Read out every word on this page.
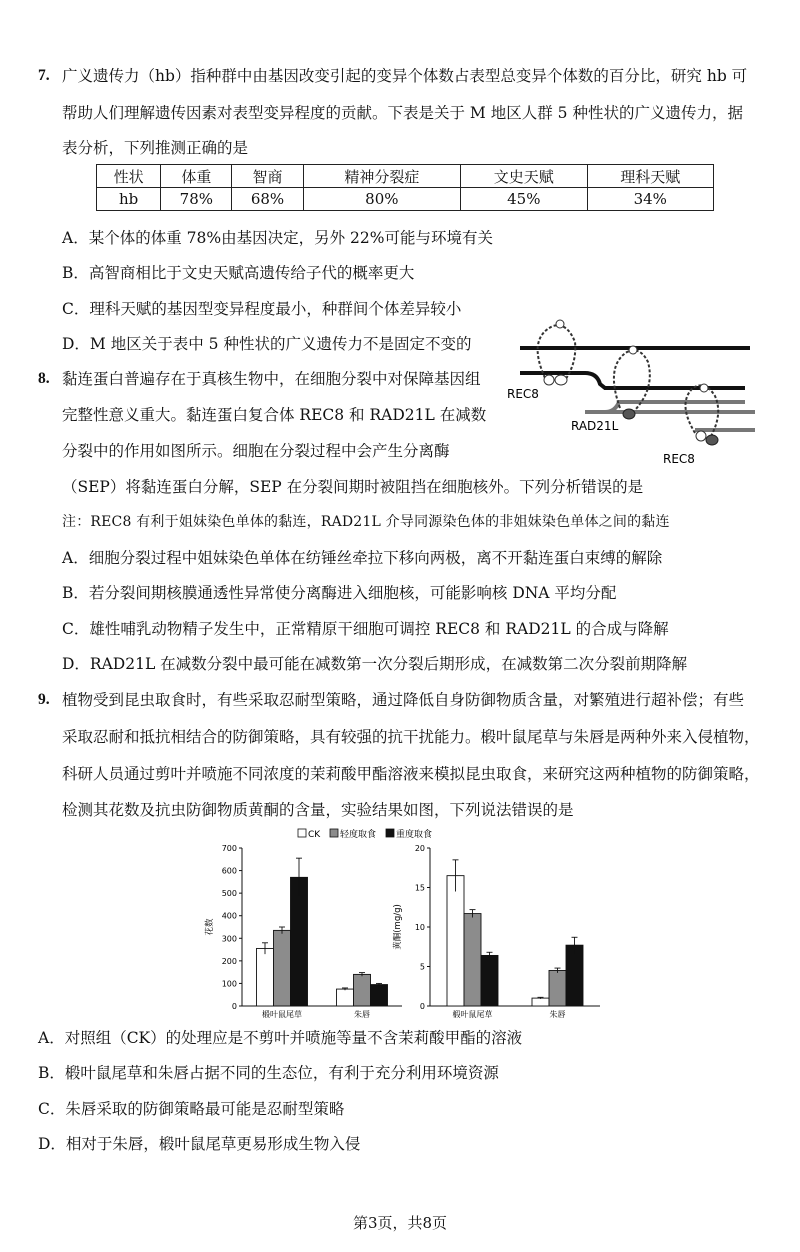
7. 广义遗传力（hb）指种群中由基因改变引起的变异个体数占表型总变异个体数的百分比，研究 hb 可
帮助人们理解遗传因素对表型变异程度的贡献。下表是关于 M 地区人群 5 种性状的广义遗传力，据
表分析，下列推测正确的是
性状	体重	智商	精神分裂症	文史天赋	理科天赋
hb	78%	68%	80%	45%	34%
A．某个体的体重 78%由基因决定，另外 22%可能与环境有关
B．高智商相比于文史天赋高遗传给子代的概率更大
C．理科天赋的基因型变异程度最小，种群间个体差异较小
D．M 地区关于表中 5 种性状的广义遗传力不是固定不变的
8. 黏连蛋白普遍存在于真核生物中，在细胞分裂中对保障基因组
完整性意义重大。黏连蛋白复合体 REC8 和 RAD21L 在减数
分裂中的作用如图所示。细胞在分裂过程中会产生分离酶
（SEP）将黏连蛋白分解，SEP 在分裂间期时被阻挡在细胞核外。下列分析错误的是
注：REC8 有利于姐妹染色单体的黏连，RAD21L 介导同源染色体的非姐妹染色单体之间的黏连
REC8
RAD21L
REC8
A．细胞分裂过程中姐妹染色单体在纺锤丝牵拉下移向两极，离不开黏连蛋白束缚的解除
B．若分裂间期核膜通透性异常使分离酶进入细胞核，可能影响核 DNA 平均分配
C．雄性哺乳动物精子发生中，正常精原干细胞可调控 REC8 和 RAD21L 的合成与降解
D．RAD21L 在减数分裂中最可能在减数第一次分裂后期形成，在减数第二次分裂前期降解
9. 植物受到昆虫取食时，有些采取忍耐型策略，通过降低自身防御物质含量，对繁殖进行超补偿；有些
采取忍耐和抵抗相结合的防御策略，具有较强的抗干扰能力。椴叶鼠尾草与朱唇是两种外来入侵植物，
科研人员通过剪叶并喷施不同浓度的茉莉酸甲酯溶液来模拟昆虫取食，来研究这两种植物的防御策略，
检测其花数及抗虫防御物质黄酮的含量，实验结果如图，下列说法错误的是
CK 轻度取食 重度取食
0
100
200
300
400
500
600
700
花数
椴叶鼠尾草	朱唇
0
5
10
15
20
黄酮(mg/g)
椴叶鼠尾草	朱唇
A．对照组（CK）的处理应是不剪叶并喷施等量不含茉莉酸甲酯的溶液
B．椴叶鼠尾草和朱唇占据不同的生态位，有利于充分利用环境资源
C．朱唇采取的防御策略最可能是忍耐型策略
D．相对于朱唇，椴叶鼠尾草更易形成生物入侵
第3页，共8页
